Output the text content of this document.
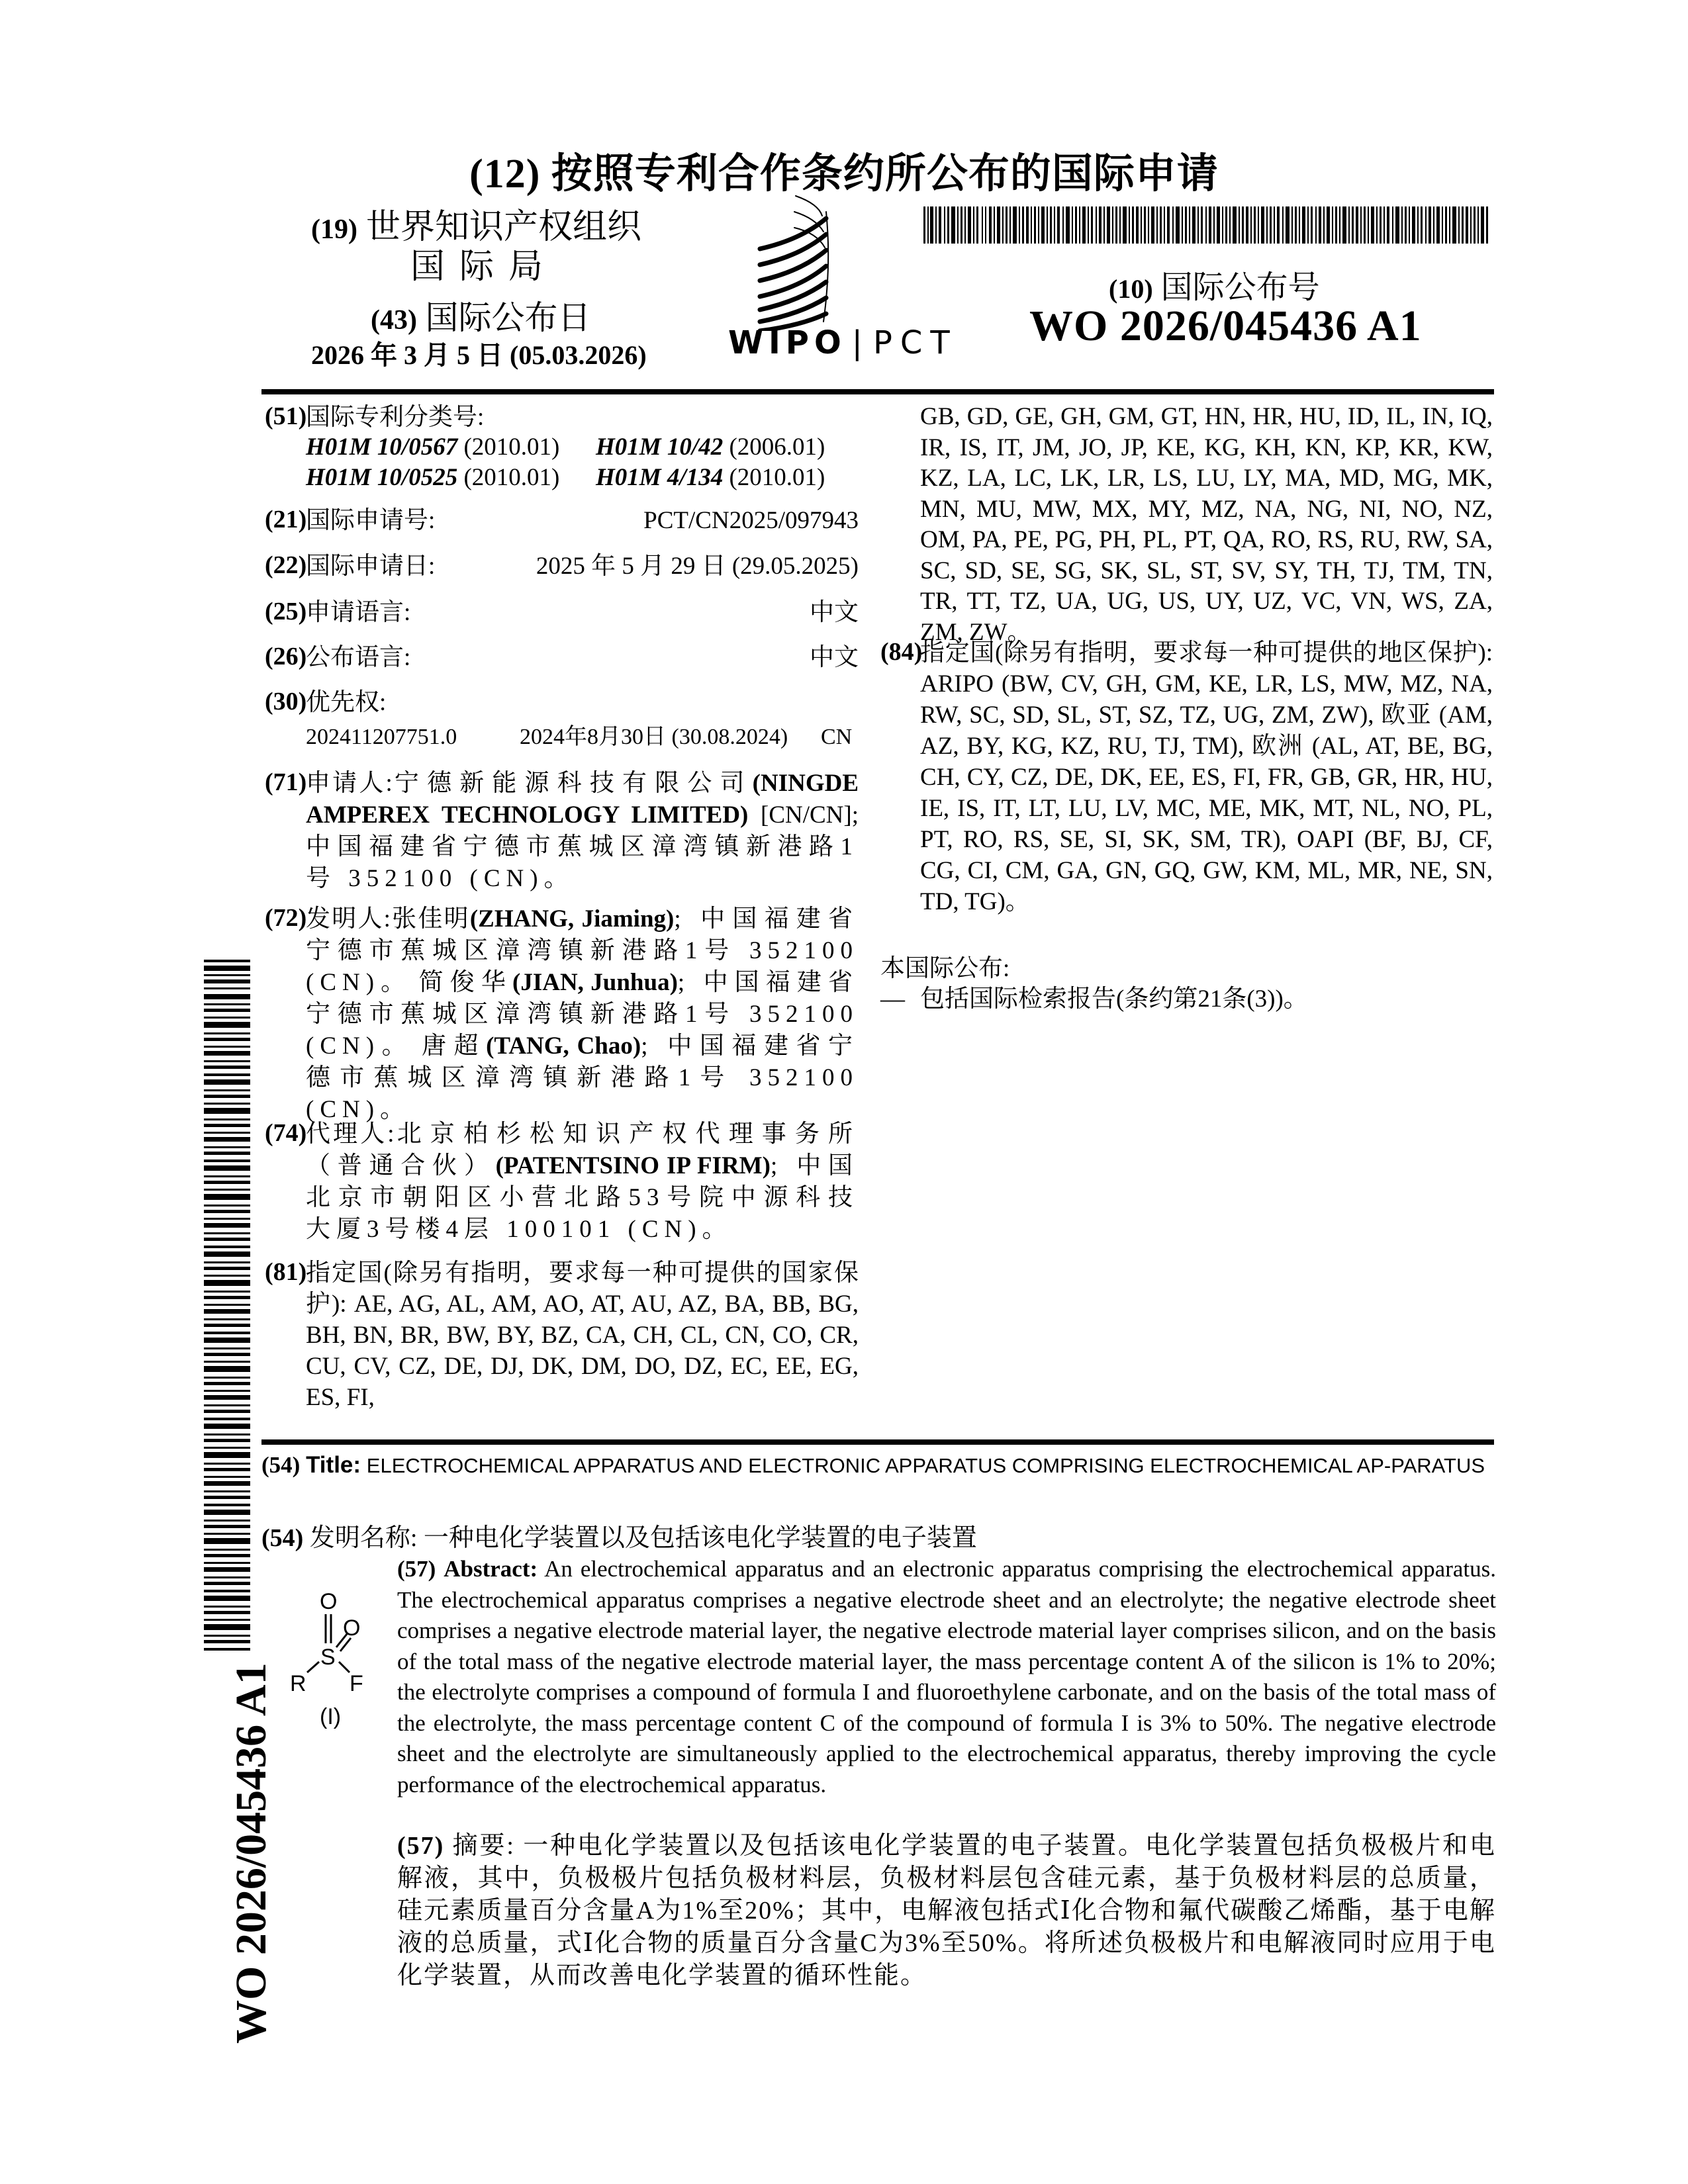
(12) 按照专利合作条约所公布的国际申请
(19) 世界知识产权组织
国际局
(43) 国际公布日
2026 年 3 月 5 日 (05.03.2026)
(10) 国际公布号
WO 2026/045436 A1
WIPO | PCT
WO 2026/045436 A1
(51)
国际专利分类号:
H01M 10/0567 (2010.01) H01M 10/42 (2006.01)
H01M 10/0525 (2010.01) H01M 4/134 (2010.01)
(21)
国际申请号:	PCT/CN2025/097943
(22)
国际申请日:	2025 年 5 月 29 日 (29.05.2025)
(25)
申请语言:	中文
(26)
公布语言:	中文
(30)
优先权:
202411207751.0	2024年8月30日 (30.08.2024) CN
(71)
申请人:宁德新能源科技有限公司(NINGDE AMPEREX TECHNOLOGY LIMITED) [CN/CN]; 中国福建省宁德市蕉城区漳湾镇新港路1号 352100 (CN)。
(72)
发明人:张佳明(ZHANG, Jiaming); 中国福建省宁德市蕉城区漳湾镇新港路1号 352100 (CN)。 简俊华(JIAN, Junhua); 中国福建省宁德市蕉城区漳湾镇新港路1号 352100 (CN)。 唐超(TANG, Chao); 中国福建省宁德市蕉城区漳湾镇新港路1号 352100 (CN)。
(74)
代理人:北京柏杉松知识产权代理事务所（普通合伙）(PATENTSINO IP FIRM); 中国北京市朝阳区小营北路53号院中源科技大厦3号楼4层 100101 (CN)。
(81)
指定国(除另有指明，要求每一种可提供的国家保护): AE, AG, AL, AM, AO, AT, AU, AZ, BA, BB, BG, BH, BN, BR, BW, BY, BZ, CA, CH, CL, CN, CO, CR, CU, CV, CZ, DE, DJ, DK, DM, DO, DZ, EC, EE, EG, ES, FI,
GB, GD, GE, GH, GM, GT, HN, HR, HU, ID, IL, IN, IQ, IR, IS, IT, JM, JO, JP, KE, KG, KH, KN, KP, KR, KW, KZ, LA, LC, LK, LR, LS, LU, LY, MA, MD, MG, MK, MN, MU, MW, MX, MY, MZ, NA, NG, NI, NO, NZ, OM, PA, PE, PG, PH, PL, PT, QA, RO, RS, RU, RW, SA, SC, SD, SE, SG, SK, SL, ST, SV, SY, TH, TJ, TM, TN, TR, TT, TZ, UA, UG, US, UY, UZ, VC, VN, WS, ZA, ZM, ZW。
(84)
指定国(除另有指明，要求每一种可提供的地区保护): ARIPO (BW, CV, GH, GM, KE, LR, LS, MW, MZ, NA, RW, SC, SD, SL, ST, SZ, TZ, UG, ZM, ZW), 欧亚 (AM, AZ, BY, KG, KZ, RU, TJ, TM), 欧洲 (AL, AT, BE, BG, CH, CY, CZ, DE, DK, EE, ES, FI, FR, GB, GR, HR, HU, IE, IS, IT, LT, LU, LV, MC, ME, MK, MT, NL, NO, PL, PT, RO, RS, SE, SI, SK, SM, TR), OAPI (BF, BJ, CF, CG, CI, CM, GA, GN, GQ, GW, KM, ML, MR, NE, SN, TD, TG)。
本国际公布:
— 包括国际检索报告(条约第21条(3))。
(54) Title: ELECTROCHEMICAL APPARATUS AND ELECTRONIC APPARATUS COMPRISING ELECTROCHEMICAL AP-PARATUS
(54) 发明名称: 一种电化学装置以及包括该电化学装置的电子装置
O
O
S
R F
(I)
(57) Abstract: An electrochemical apparatus and an electronic apparatus comprising the electrochemical apparatus. The electrochemical apparatus comprises a negative electrode sheet and an electrolyte; the negative electrode sheet comprises a negative electrode material layer, the negative electrode material layer comprises silicon, and on the basis of the total mass of the negative electrode material layer, the mass percentage content A of the silicon is 1% to 20%; the electrolyte comprises a compound of formula I and fluoroethylene carbonate, and on the basis of the total mass of the electrolyte, the mass percentage content C of the compound of formula I is 3% to 50%. The negative electrode sheet and the electrolyte are simultaneously applied to the electrochemical apparatus, thereby improving the cycle performance of the electrochemical apparatus.
(57) 摘要: 一种电化学装置以及包括该电化学装置的电子装置。电化学装置包括负极极片和电解液，其中，负极极片包括负极材料层，负极材料层包含硅元素，基于负极材料层的总质量，硅元素质量百分含量A为1%至20%；其中，电解液包括式Ⅰ化合物和氟代碳酸乙烯酯，基于电解液的总质量，式Ⅰ化合物的质量百分含量C为3%至50%。将所述负极极片和电解液同时应用于电化学装置，从而改善电化学装置的循环性能。
